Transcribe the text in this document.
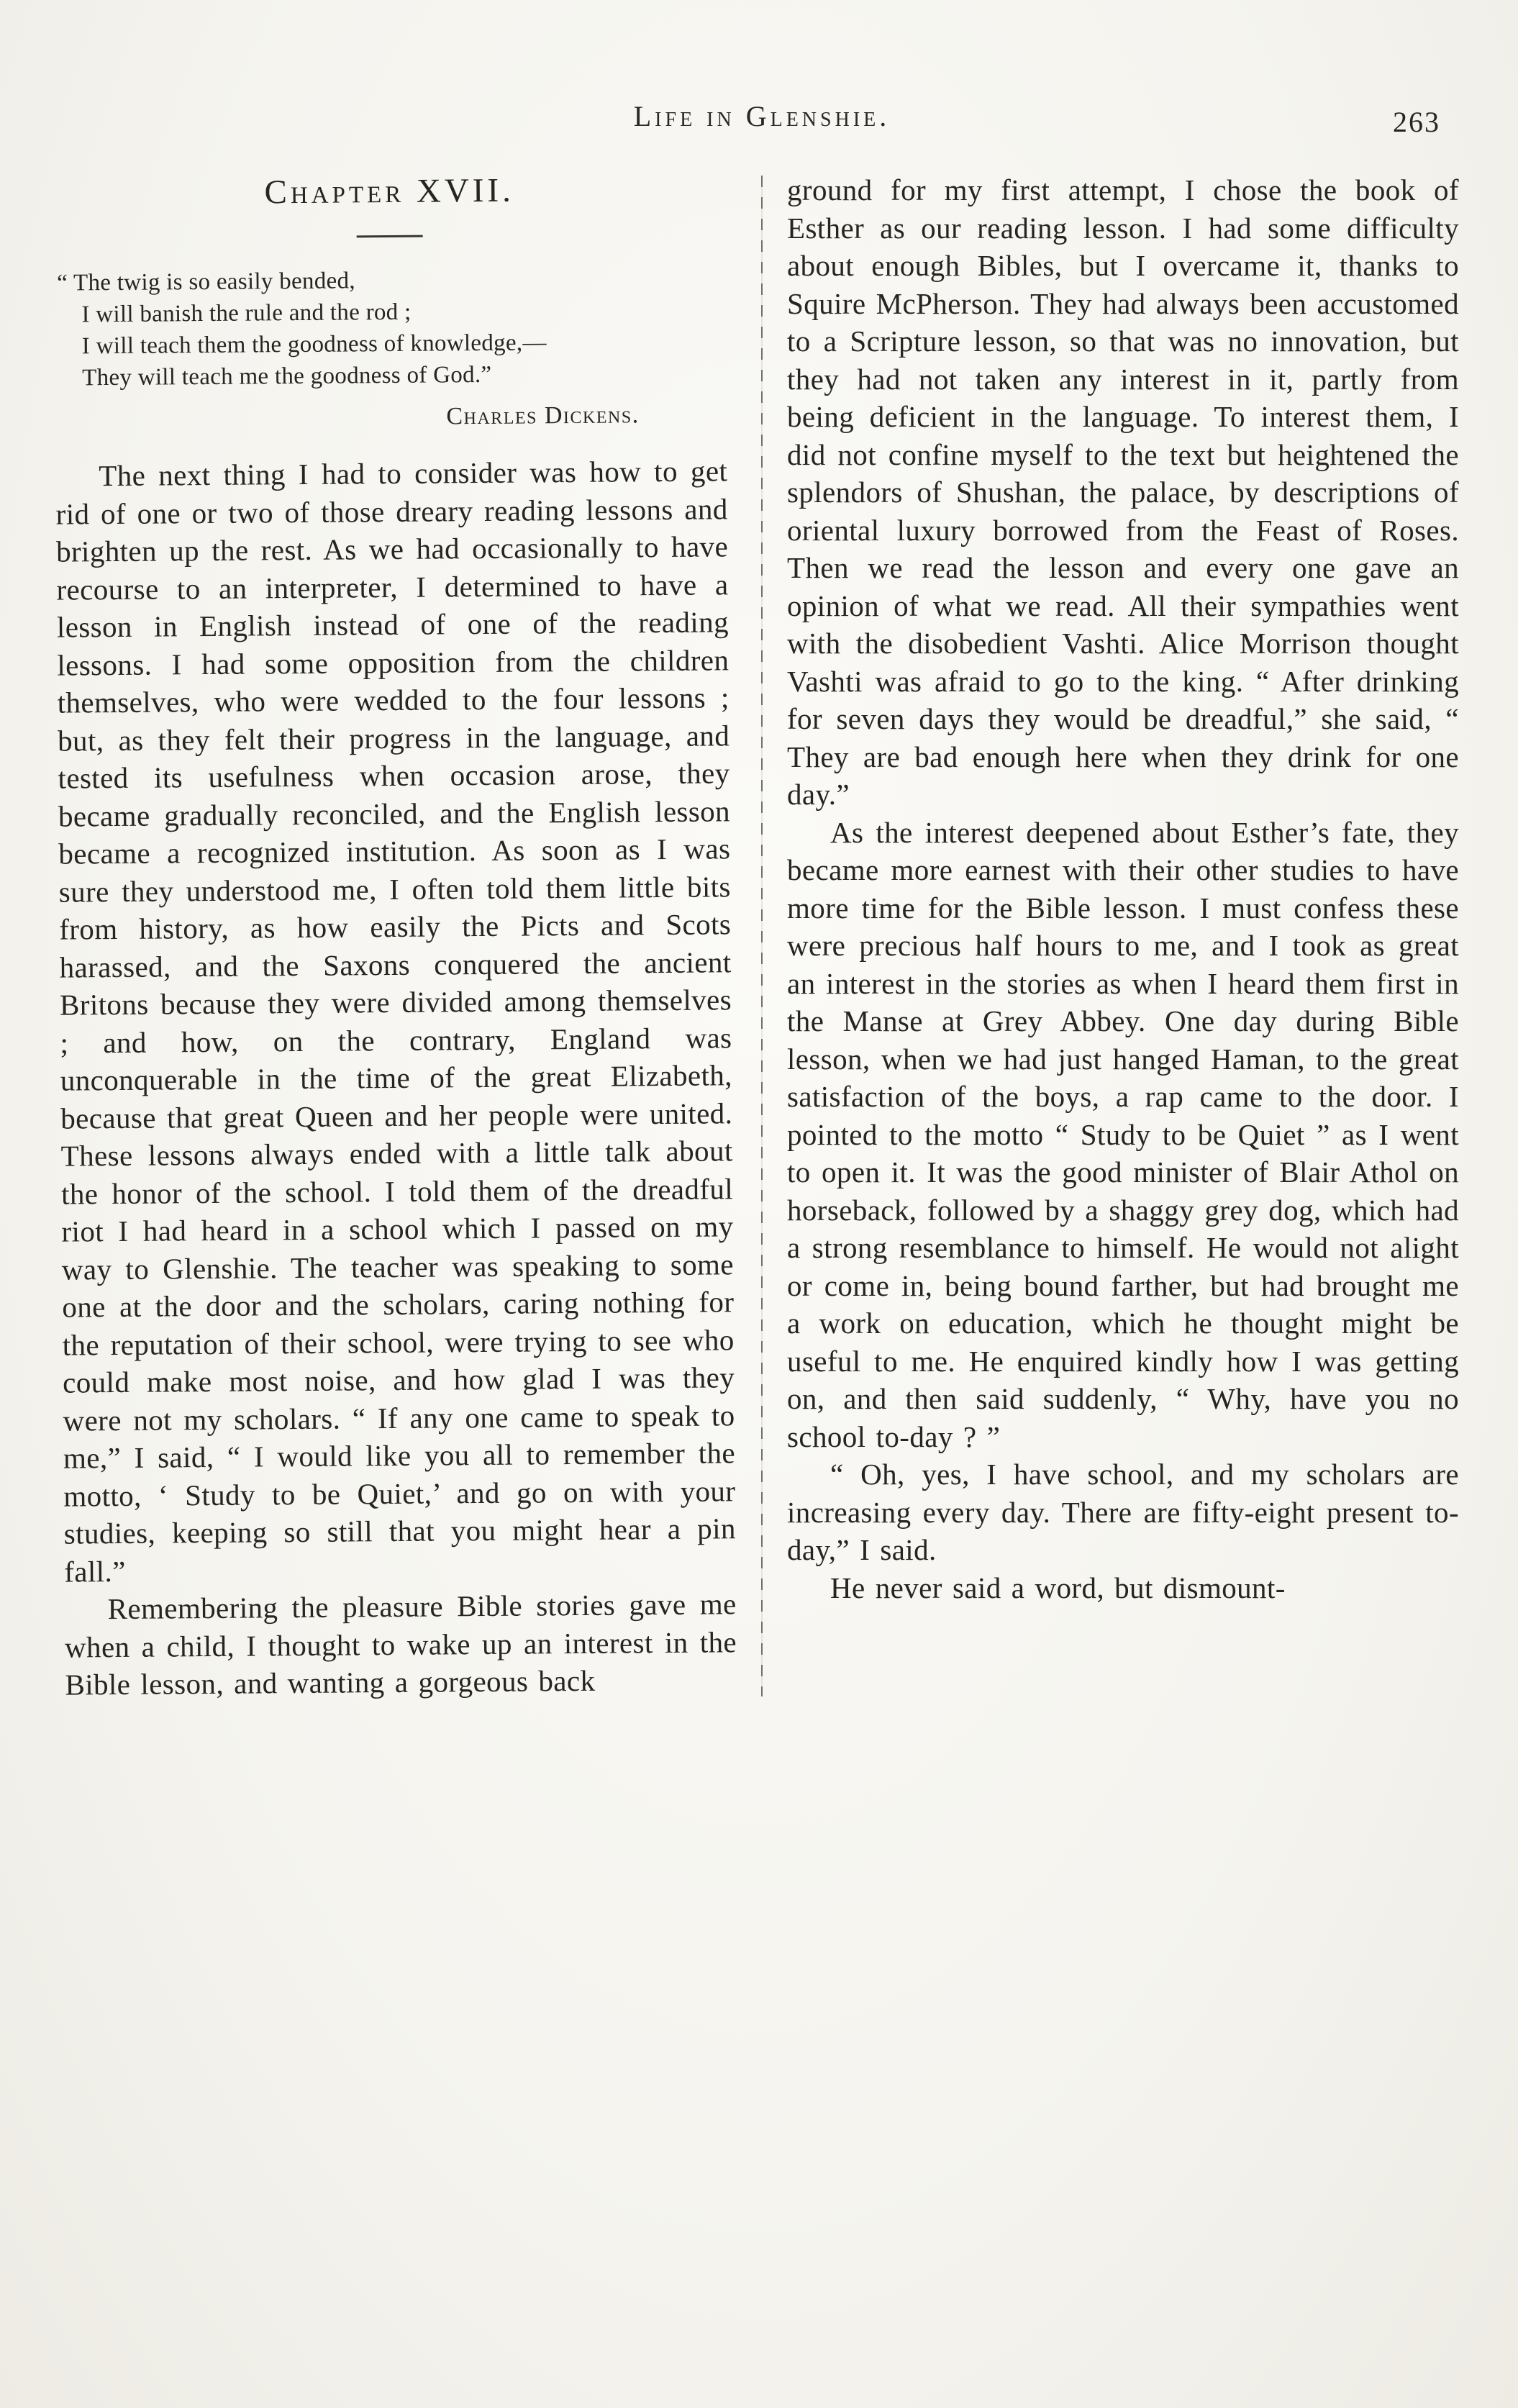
Life in Glenshie.	263
Chapter XVII.
“ The twig is so easily bended,
I will banish the rule and the rod ;
I will teach them the goodness of knowledge,—
They will teach me the goodness of God.”
Charles Dickens.

The next thing I had to consider was how to get rid of one or two of those dreary reading lessons and brighten up the rest. As we had occasionally to have recourse to an interpreter, I determined to have a lesson in English instead of one of the reading lessons. I had some opposition from the children themselves, who were wedded to the four lessons ; but, as they felt their progress in the language, and tested its usefulness when occasion arose, they became gradually reconciled, and the English lesson became a recognized institution. As soon as I was sure they understood me, I often told them little bits from history, as how easily the Picts and Scots harassed, and the Saxons conquered the ancient Britons because they were divided among themselves ; and how, on the contrary, England was unconquerable in the time of the great Elizabeth, because that great Queen and her people were united. These lessons always ended with a little talk about the honor of the school. I told them of the dreadful riot I had heard in a school which I passed on my way to Glenshie. The teacher was speaking to some one at the door and the scholars, caring nothing for the reputation of their school, were trying to see who could make most noise, and how glad I was they were not my scholars. “ If any one came to speak to me,” I said, “ I would like you all to remember the motto, ‘ Study to be Quiet,’ and go on with your studies, keeping so still that you might hear a pin fall.”

Remembering the pleasure Bible stories gave me when a child, I thought to wake up an interest in the Bible lesson, and wanting a gorgeous back

ground for my first attempt, I chose the book of Esther as our reading lesson. I had some difficulty about enough Bibles, but I overcame it, thanks to Squire McPherson. They had always been accustomed to a Scripture lesson, so that was no innovation, but they had not taken any interest in it, partly from being deficient in the language. To interest them, I did not confine myself to the text but heightened the splendors of Shushan, the palace, by descriptions of oriental luxury borrowed from the Feast of Roses. Then we read the lesson and every one gave an opinion of what we read. All their sympathies went with the disobedient Vashti. Alice Morrison thought Vashti was afraid to go to the king. “ After drinking for seven days they would be dreadful,” she said, “ They are bad enough here when they drink for one day.”

As the interest deepened about Esther’s fate, they became more earnest with their other studies to have more time for the Bible lesson. I must confess these were precious half hours to me, and I took as great an interest in the stories as when I heard them first in the Manse at Grey Abbey. One day during Bible lesson, when we had just hanged Haman, to the great satisfaction of the boys, a rap came to the door. I pointed to the motto “ Study to be Quiet ” as I went to open it. It was the good minister of Blair Athol on horseback, followed by a shaggy grey dog, which had a strong resemblance to himself. He would not alight or come in, being bound farther, but had brought me a work on education, which he thought might be useful to me. He enquired kindly how I was getting on, and then said suddenly, “ Why, have you no school to-day ? ”

“ Oh, yes, I have school, and my scholars are increasing every day. There are fifty-eight present to-day,” I said.

He never said a word, but dismount-
